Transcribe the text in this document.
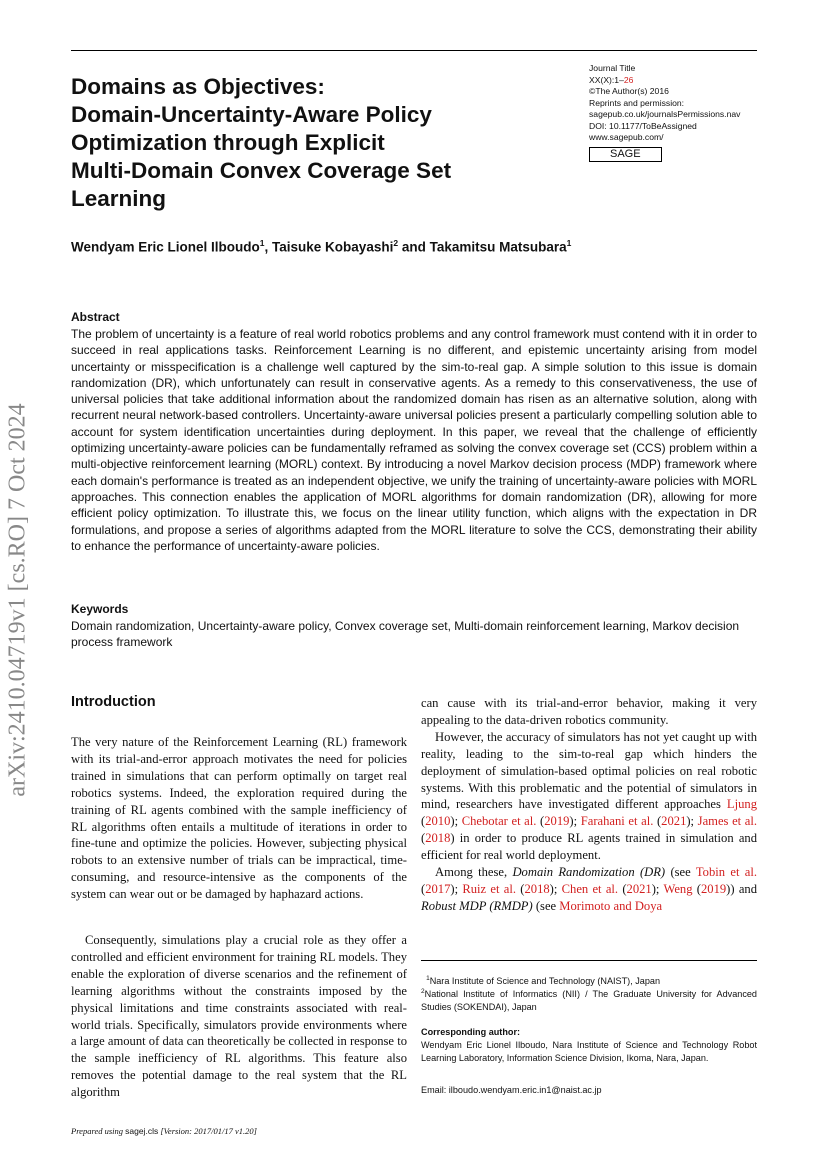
Domains as Objectives:
Domain-Uncertainty-Aware Policy
Optimization through Explicit
Multi-Domain Convex Coverage Set
Learning
Journal Title
XX(X):1–26
©The Author(s) 2016
Reprints and permission:
sagepub.co.uk/journalsPermissions.nav
DOI: 10.1177/ToBeAssigned
www.sagepub.com/
SAGE
Wendyam Eric Lionel Ilboudo$^1$, Taisuke Kobayashi$^2$ and Takamitsu Matsubara$^1$
Abstract

The problem of uncertainty is a feature of real world robotics problems and any control framework must contend with it in order to succeed in real applications tasks. Reinforcement Learning is no different, and epistemic uncertainty arising from model uncertainty or misspecification is a challenge well captured by the sim-to-real gap. A simple solution to this issue is domain randomization (DR), which unfortunately can result in conservative agents. As a remedy to this conservativeness, the use of universal policies that take additional information about the randomized domain has risen as an alternative solution, along with recurrent neural network-based controllers. Uncertainty-aware universal policies present a particularly compelling solution able to account for system identification uncertainties during deployment. In this paper, we reveal that the challenge of efficiently optimizing uncertainty-aware policies can be fundamentally reframed as solving the convex coverage set (CCS) problem within a multi-objective reinforcement learning (MORL) context. By introducing a novel Markov decision process (MDP) framework where each domain's performance is treated as an independent objective, we unify the training of uncertainty-aware policies with MORL approaches. This connection enables the application of MORL algorithms for domain randomization (DR), allowing for more efficient policy optimization. To illustrate this, we focus on the linear utility function, which aligns with the expectation in DR formulations, and propose a series of algorithms adapted from the MORL literature to solve the CCS, demonstrating their ability to enhance the performance of uncertainty-aware policies.

Keywords

Domain randomization, Uncertainty-aware policy, Convex coverage set, Multi-domain reinforcement learning, Markov decision process framework

Introduction

The very nature of the Reinforcement Learning (RL) framework with its trial-and-error approach motivates the need for policies trained in simulations that can perform optimally on target real robotics systems. Indeed, the exploration required during the training of RL agents combined with the sample inefficiency of RL algorithms often entails a multitude of iterations in order to fine-tune and optimize the policies. However, subjecting physical robots to an extensive number of trials can be impractical, time-consuming, and resource-intensive as the components of the system can wear out or be damaged by haphazard actions.

Consequently, simulations play a crucial role as they offer a controlled and efficient environment for training RL models. They enable the exploration of diverse scenarios and the refinement of learning algorithms without the constraints imposed by the physical limitations and time constraints associated with real-world trials. Specifically, simulators provide environments where a large amount of data can theoretically be collected in response to the sample inefficiency of RL algorithms. This feature also removes the potential damage to the real system that the RL algorithm

can cause with its trial-and-error behavior, making it very appealing to the data-driven robotics community.

However, the accuracy of simulators has not yet caught up with reality, leading to the sim-to-real gap which hinders the deployment of simulation-based optimal policies on real robotic systems. With this problematic and the potential of simulators in mind, researchers have investigated different approaches Ljung (2010); Chebotar et al. (2019); Farahani et al. (2021); James et al. (2018) in order to produce RL agents trained in simulation and efficient for real world deployment.

Among these, Domain Randomization (DR) (see Tobin et al. (2017); Ruiz et al. (2018); Chen et al. (2021); Weng (2019)) and Robust MDP (RMDP) (see Morimoto and Doya

$^1$Nara Institute of Science and Technology (NAIST), Japan
$^2$National Institute of Informatics (NII) / The Graduate University for Advanced Studies (SOKENDAI), Japan
Corresponding author:
Wendyam Eric Lionel Ilboudo, Nara Institute of Science and Technology Robot Learning Laboratory, Information Science Division, Ikoma, Nara, Japan.
Email: ilboudo.wendyam.eric.in1@naist.ac.jp
Prepared using sagej.cls [Version: 2017/01/17 v1.20]
arXiv:2410.04719v1 [cs.RO] 7 Oct 2024
